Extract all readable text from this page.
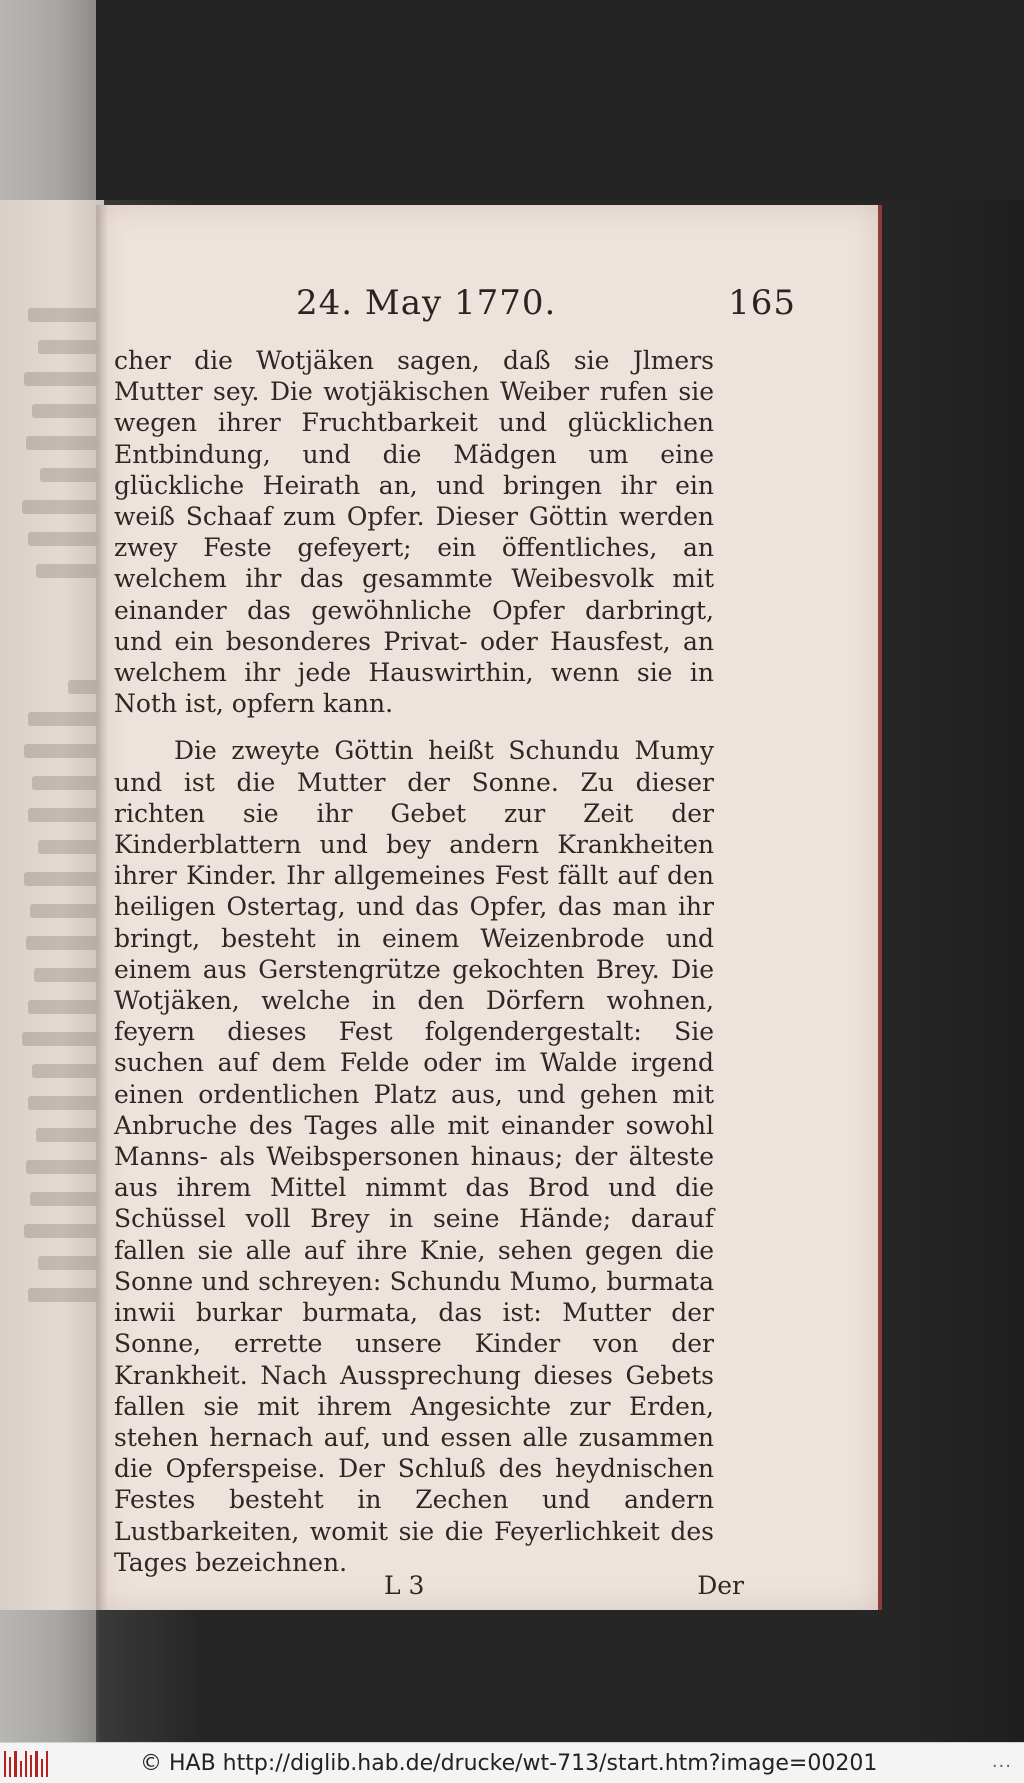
24. May 1770.	165

cher die Wotjäken sagen, daß sie Jlmers Mutter sey. Die wotjäkischen Weiber rufen sie wegen ihrer Fruchtbarkeit und glücklichen Entbindung, und die Mädgen um eine glückliche Heirath an, und bringen ihr ein weiß Schaaf zum Opfer. Dieser Göttin werden zwey Feste gefeyert; ein öffentliches, an welchem ihr das gesammte Weibesvolk mit einander das gewöhnliche Opfer darbringt, und ein besonderes Privat- oder Hausfest, an welchem ihr jede Hauswirthin, wenn sie in Noth ist, opfern kann.

Die zweyte Göttin heißt Schundu Mumy und ist die Mutter der Sonne. Zu dieser richten sie ihr Gebet zur Zeit der Kinderblattern und bey andern Krankheiten ihrer Kinder. Ihr allgemeines Fest fällt auf den heiligen Ostertag, und das Opfer, das man ihr bringt, besteht in einem Weizenbrode und einem aus Gerstengrütze gekochten Brey. Die Wotjäken, welche in den Dörfern wohnen, feyern dieses Fest folgendergestalt: Sie suchen auf dem Felde oder im Walde irgend einen ordentlichen Platz aus, und gehen mit Anbruche des Tages alle mit einander sowohl Manns- als Weibspersonen hinaus; der älteste aus ihrem Mittel nimmt das Brod und die Schüssel voll Brey in seine Hände; darauf fallen sie alle auf ihre Knie, sehen gegen die Sonne und schreyen: Schundu Mumo, burmata inwii burkar burmata, das ist: Mutter der Sonne, errette unsere Kinder von der Krankheit. Nach Aussprechung dieses Gebets fallen sie mit ihrem Angesichte zur Erden, stehen hernach auf, und essen alle zusammen die Opferspeise. Der Schluß des heydnischen Festes besteht in Zechen und andern Lustbarkeiten, womit sie die Feyerlichkeit des Tages bezeichnen.

L 3	Der
© HAB http://diglib.hab.de/drucke/wt-713/start.htm?image=00201	...
